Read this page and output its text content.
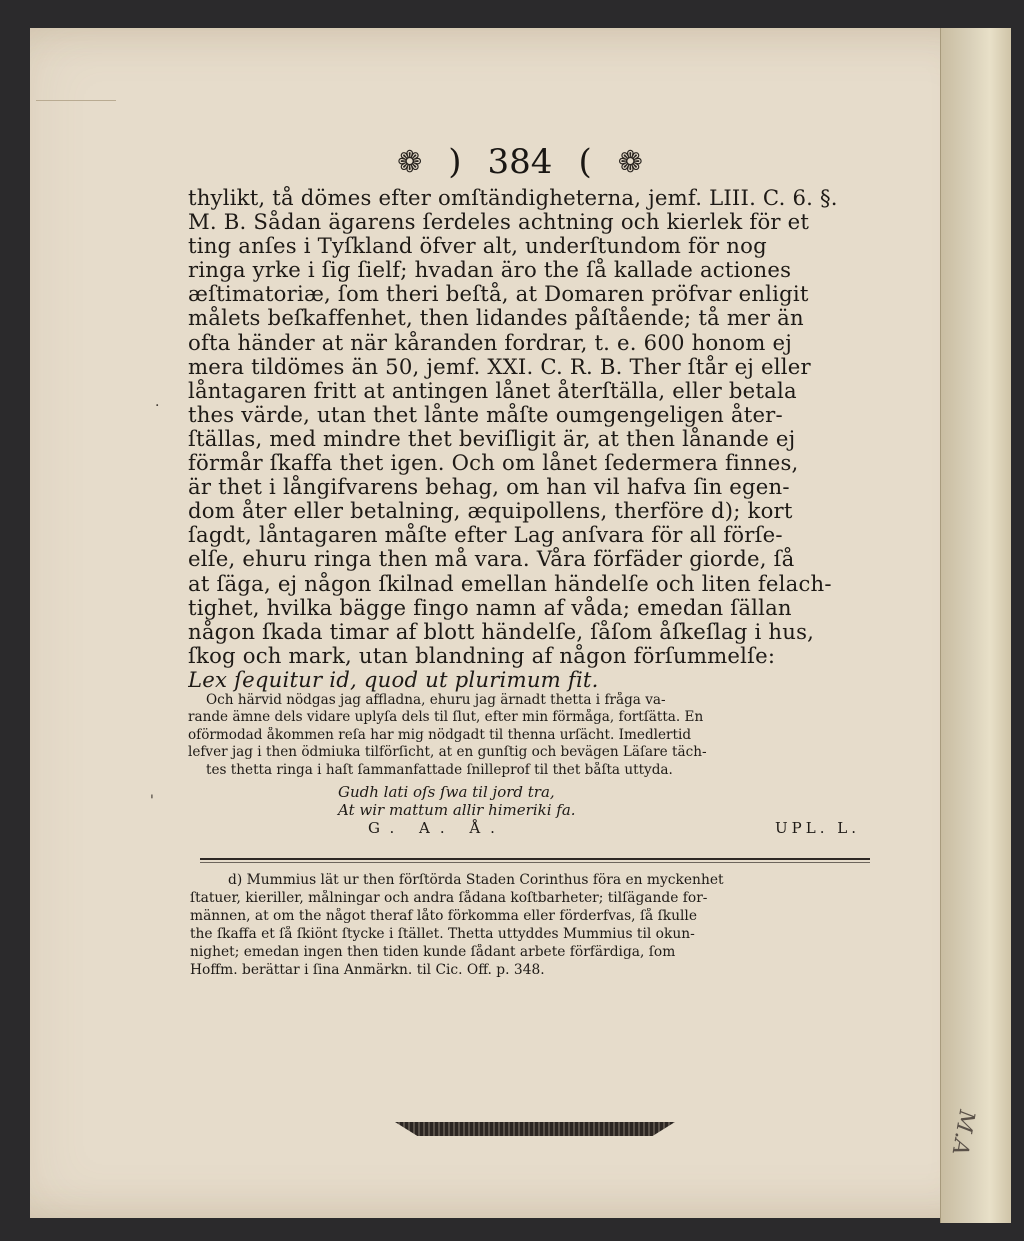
❁ ) 384 ( ❁
thylikt, tå dömes efter omſtändigheterna, jemf. LIII. C. 6. §.
M. B. Sådan ägarens ſerdeles achtning och kierlek för et
ting anſes i Tyſkland öfver alt, underſtundom för nog
ringa yrke i ſig ſielf; hvadan äro the ſå kallade actiones
æſtimatoriæ, ſom theri beſtå, at Domaren pröfvar enligit
målets beſkaffenhet, then lidandes påſtående; tå mer än
ofta händer at när kåranden fordrar, t. e. 600 honom ej
mera tildömes än 50, jemf. XXI. C. R. B. Ther ſtår ej eller
låntagaren fritt at antingen lånet återſtälla, eller betala
thes värde, utan thet lånte måſte oumgengeligen åter-
ſtällas, med mindre thet beviſligit är, at then lånande ej
förmår ſkaffa thet igen. Och om lånet ſedermera finnes,
är thet i långifvarens behag, om han vil hafva ſin egen-
dom åter eller betalning, æquipollens, therföre d); kort
ſagdt, låntagaren måſte efter Lag anſvara för all förſe-
elſe, ehuru ringa then må vara. Våra förfäder giorde, ſå
at ſäga, ej någon ſkilnad emellan händelſe och liten felach-
tighet, hvilka bägge fingo namn af våda; emedan ſällan
någon ſkada timar af blott händelſe, ſåſom åſkeſlag i hus,
ſkog och mark, utan blandning af någon förſummelſe:
Lex ſequitur id, quod ut plurimum fit.
Och härvid nödgas jag affladna, ehuru jag ärnadt thetta i fråga va-
rande ämne dels vidare uplyſa dels til ſlut, efter min förmåga, fortſätta. En
oförmodad åkommen reſa har mig nödgadt til thenna urſächt. Imedlertid
lefver jag i then ödmiuka tilförſicht, at en gunſtig och bevägen Läſare täch-
tes thetta ringa i haſt ſammanfattade ſnilleprof til thet båſta uttyda.
Gudh lati oſs ſwa til jord tra,
At wir mattum allir himeriki fa.
G. A. Å.	UPL. L.
d) Mummius lät ur then förſtörda Staden Corinthus föra en myckenhet
ſtatuer, kieriller, målningar och andra ſådana koſtbarheter; tilſägande for-
männen, at om the något theraf låto förkomma eller förderfvas, ſå ſkulle
the ſkaffa et ſå ſkiönt ſtycke i ſtället. Thetta uttyddes Mummius til okun-
nighet; emedan ingen then tiden kunde ſådant arbete förfärdiga, ſom
Hoffm. berättar i ſina Anmärkn. til Cic. Off. p. 348.
·
'
M.A
